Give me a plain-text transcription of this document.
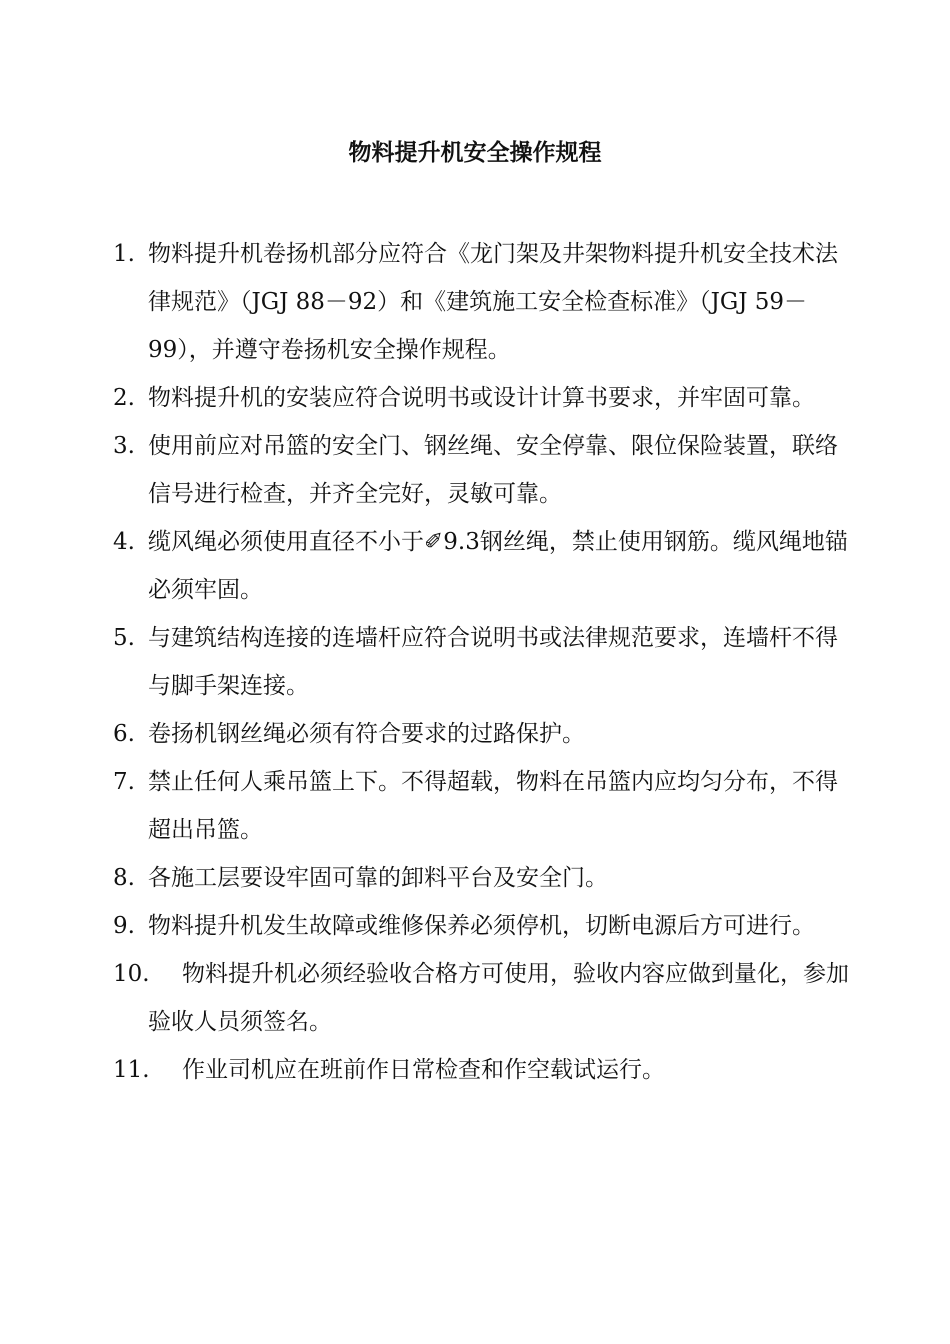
物料提升机安全操作规程
1. 物料提升机卷扬机部分应符合《龙门架及井架物料提升机安全技术法律规范》（JGJ 88－92）和《建筑施工安全检查标准》（JGJ 59－99），并遵守卷扬机安全操作规程。
2. 物料提升机的安装应符合说明书或设计计算书要求，并牢固可靠。
3. 使用前应对吊篮的安全门、钢丝绳、安全停靠、限位保险装置，联络信号进行检查，并齐全完好，灵敏可靠。
4. 缆风绳必须使用直径不小于✐9.3钢丝绳，禁止使用钢筋。缆风绳地锚必须牢固。
5. 与建筑结构连接的连墙杆应符合说明书或法律规范要求，连墙杆不得与脚手架连接。
6. 卷扬机钢丝绳必须有符合要求的过路保护。
7. 禁止任何人乘吊篮上下。不得超载，物料在吊篮内应均匀分布，不得超出吊篮。
8. 各施工层要设牢固可靠的卸料平台及安全门。
9. 物料提升机发生故障或维修保养必须停机，切断电源后方可进行。
10. 物料提升机必须经验收合格方可使用，验收内容应做到量化，参加验收人员须签名。
11. 作业司机应在班前作日常检查和作空载试运行。
